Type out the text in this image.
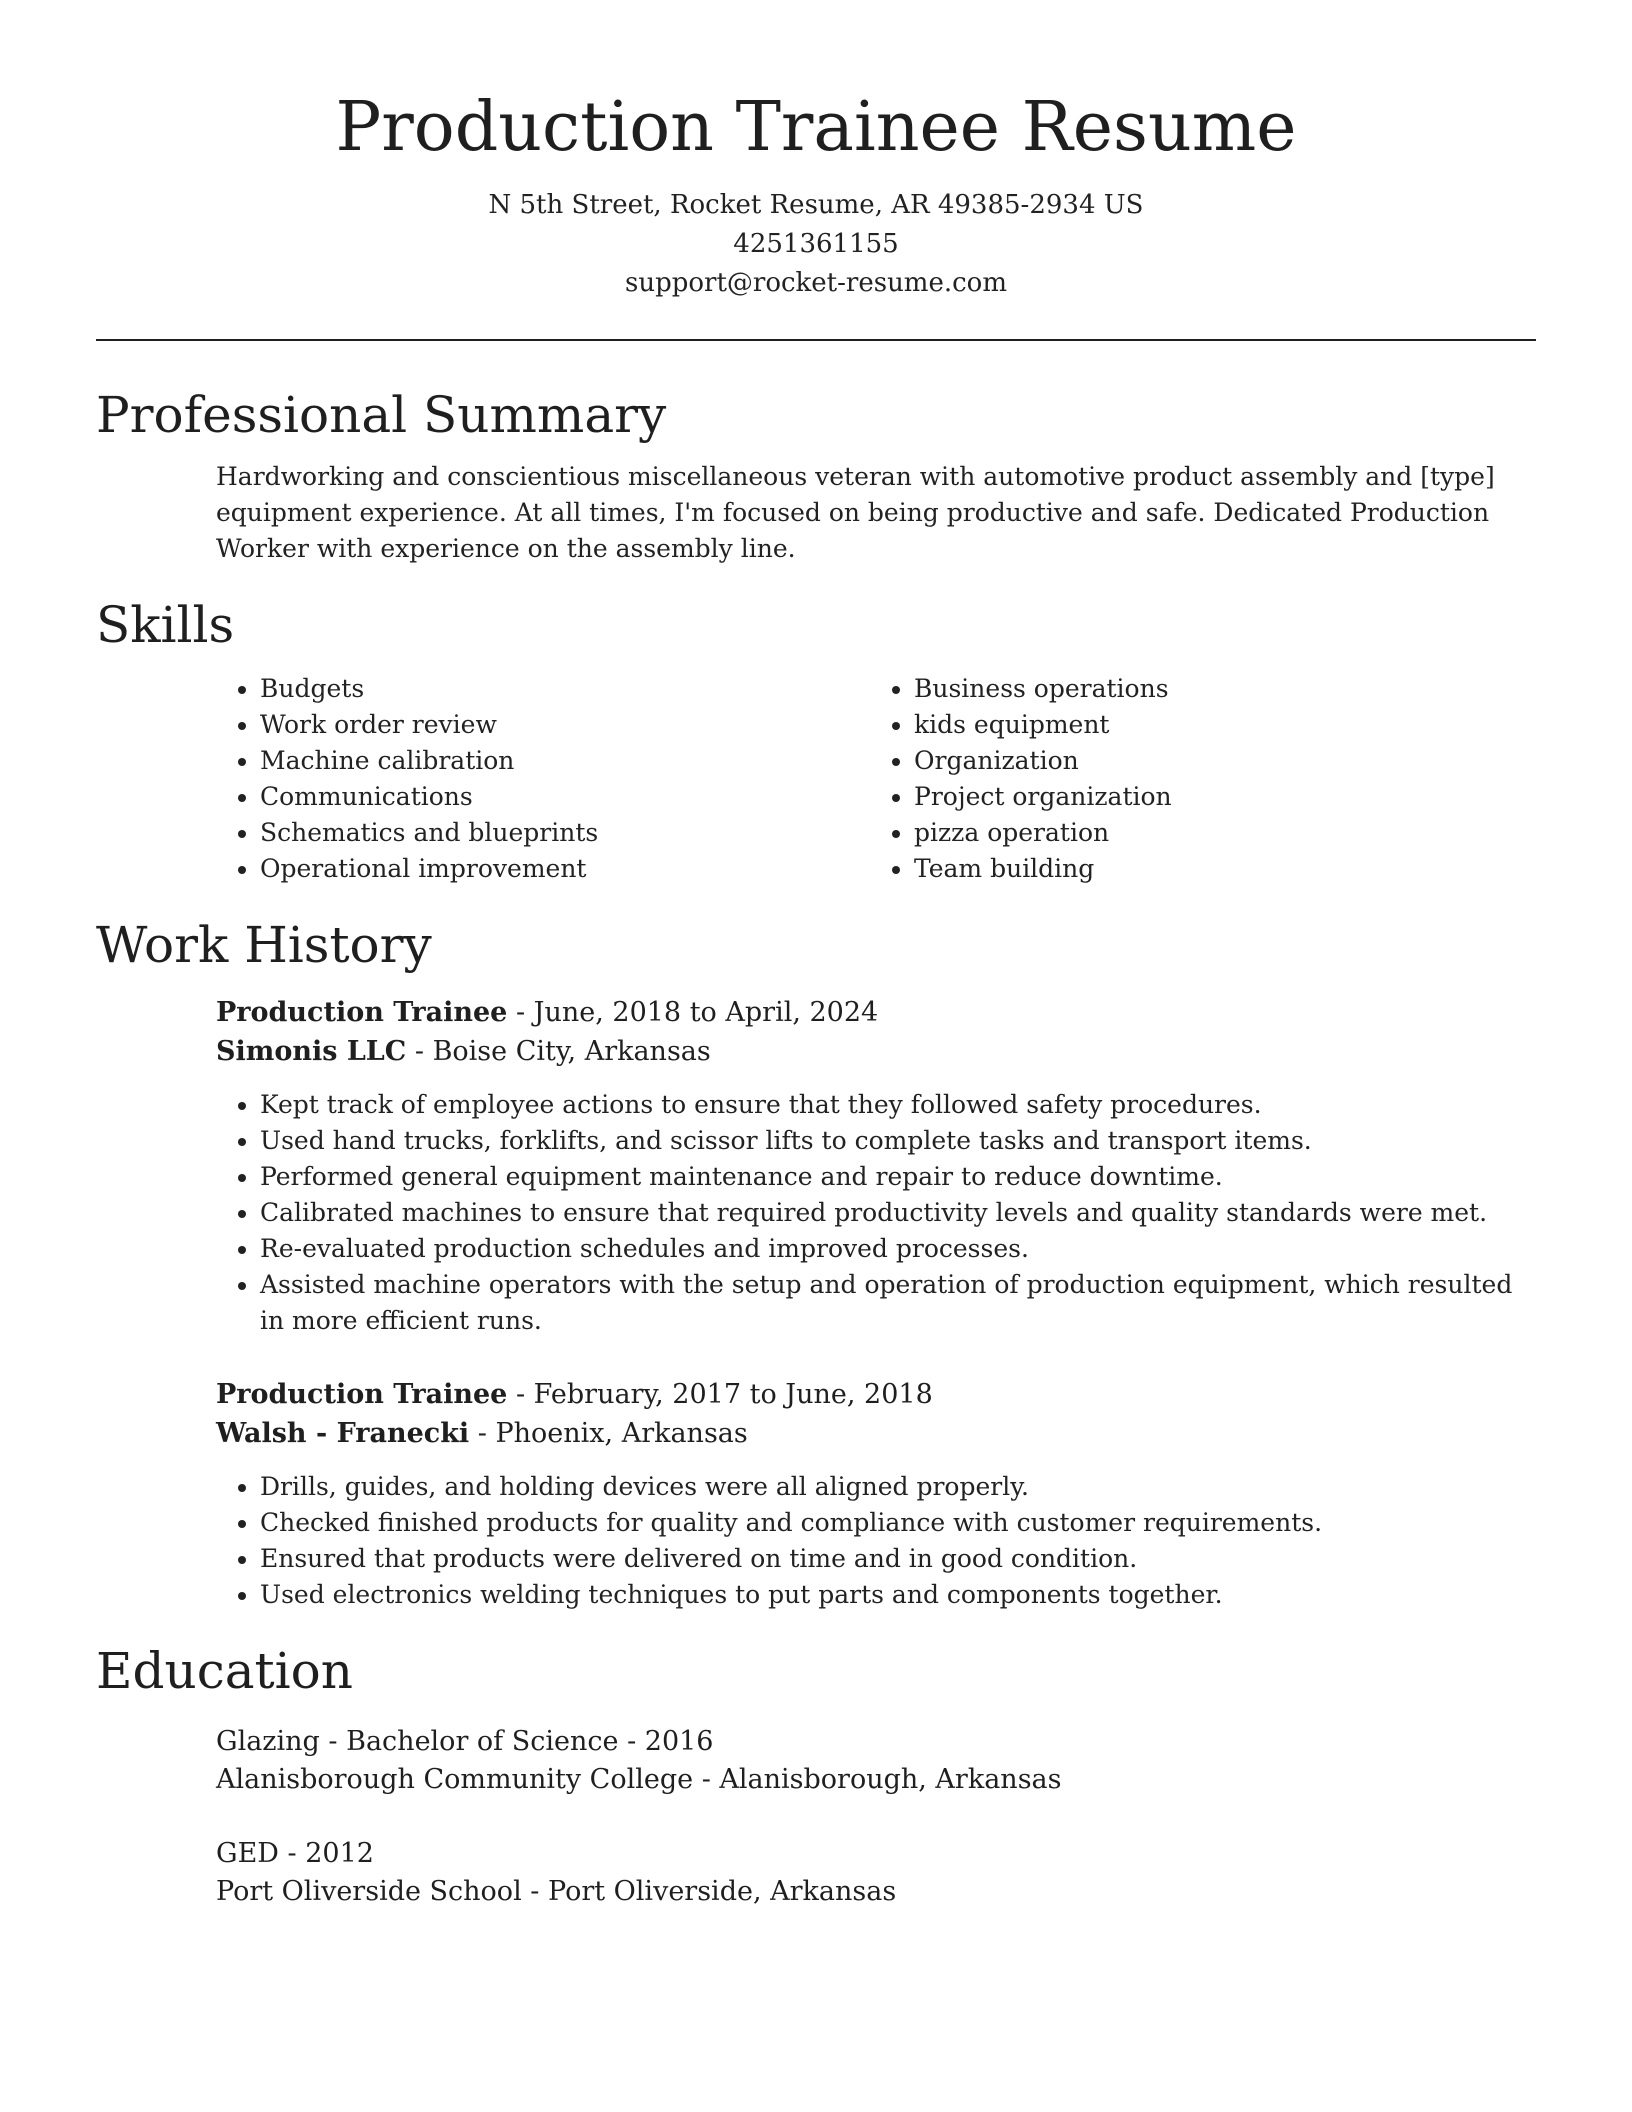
Production Trainee Resume
N 5th Street, Rocket Resume, AR 49385-2934 US
4251361155
support@rocket-resume.com
Professional Summary

Hardworking and conscientious miscellaneous veteran with automotive product assembly and [type] equipment experience. At all times, I'm focused on being productive and safe. Dedicated Production Worker with experience on the assembly line.

Skills
• Budgets
• Work order review
• Machine calibration
• Communications
• Schematics and blueprints
• Operational improvement
• Business operations
• kids equipment
• Organization
• Project organization
• pizza operation
• Team building
Work History
Production Trainee - June, 2018 to April, 2024
Simonis LLC - Boise City, Arkansas
• Kept track of employee actions to ensure that they followed safety procedures.
• Used hand trucks, forklifts, and scissor lifts to complete tasks and transport items.
• Performed general equipment maintenance and repair to reduce downtime.
• Calibrated machines to ensure that required productivity levels and quality standards were met.
• Re-evaluated production schedules and improved processes.
• Assisted machine operators with the setup and operation of production equipment, which resulted in more efficient runs.
Production Trainee - February, 2017 to June, 2018
Walsh - Franecki - Phoenix, Arkansas
• Drills, guides, and holding devices were all aligned properly.
• Checked finished products for quality and compliance with customer requirements.
• Ensured that products were delivered on time and in good condition.
• Used electronics welding techniques to put parts and components together.
Education
Glazing - Bachelor of Science - 2016
Alanisborough Community College - Alanisborough, Arkansas
GED - 2012
Port Oliverside School - Port Oliverside, Arkansas
